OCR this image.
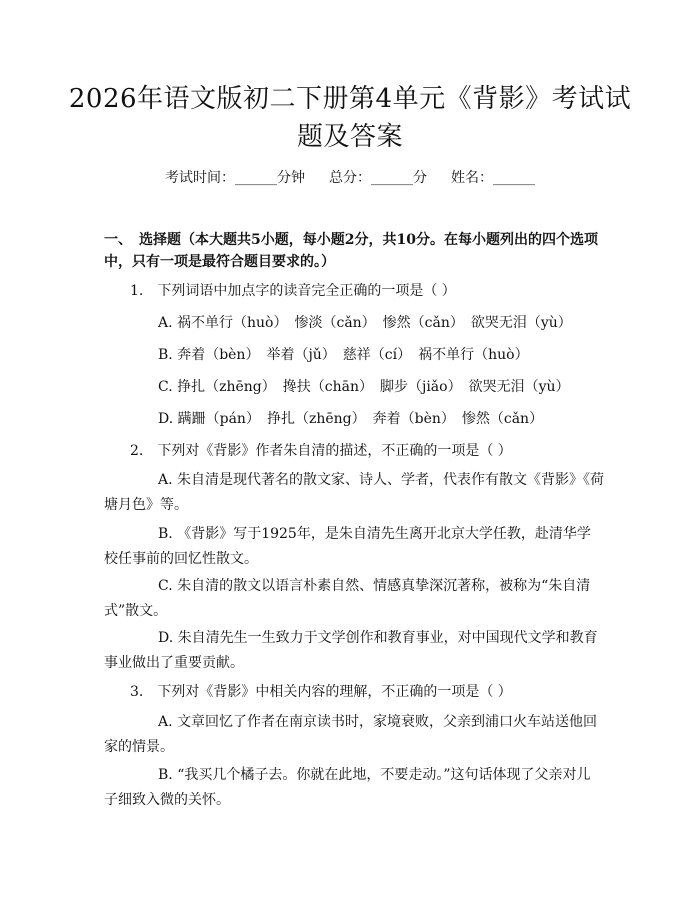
2026年语文版初二下册第4单元《背影》考试试题及答案
考试时间：______分钟 总分：______分 姓名：______
一、　选择题（本大题共5小题，每小题2分，共10分。在每小题列出的四个选项中，只有一项是最符合题目要求的。）
1.　下列词语中加点字的读音完全正确的一项是（ ）
A. 祸不单行（huò）　惨淡（cǎn）　惨然（cǎn）　欲哭无泪（yù）
B. 奔着（bèn）　举着（jǔ）　慈祥（cí）　祸不单行（huò）
C. 挣扎（zhēng）　搀扶（chān）　脚步（jiǎo）　欲哭无泪（yù）
D. 蹒跚（pán）　挣扎（zhēng）　奔着（bèn）　惨然（cǎn）
2.　下列对《背影》作者朱自清的描述，不正确的一项是（ ）
A. 朱自清是现代著名的散文家、诗人、学者，代表作有散文《背影》《荷塘月色》等。
B. 《背影》写于1925年，是朱自清先生离开北京大学任教，赴清华学校任事前的回忆性散文。
C. 朱自清的散文以语言朴素自然、情感真挚深沉著称，被称为“朱自清式”散文。
D. 朱自清先生一生致力于文学创作和教育事业，对中国现代文学和教育事业做出了重要贡献。
3.　下列对《背影》中相关内容的理解，不正确的一项是（ ）
A. 文章回忆了作者在南京读书时，家境衰败，父亲到浦口火车站送他回家的情景。
B. “我买几个橘子去。你就在此地，不要走动。”这句话体现了父亲对儿子细致入微的关怀。
